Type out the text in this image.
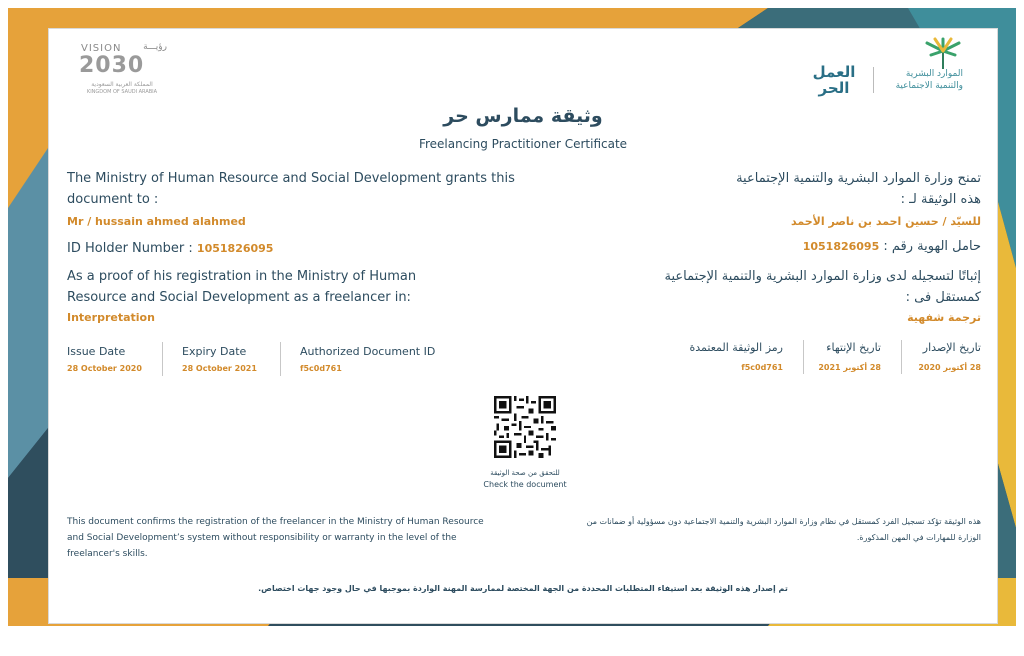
VISION	رؤيـــة
2030
المملكة العربية السعودية
KINGDOM OF SAUDI ARABIA
الموارد البشرية
والتنمية الاجتماعية
العمل
الحر
وثيقة ممارس حر
Freelancing Practitioner Certificate
The Ministry of Human Resource and Social Development grants this
document to :
Mr / hussain ahmed alahmed
ID Holder Number : 1051826095
As a proof of his registration in the Ministry of Human
Resource and Social Development as a freelancer in:
Interpretation
Issue Date
28 October 2020
Expiry Date
28 October 2021
Authorized Document ID
f5c0d761
تمنح وزارة الموارد البشرية والتنمية الإجتماعية
هذه الوثيقة لـ :
للسيّد / حسين احمد بن ناصر الأحمد
حامل الهوية رقم : 1051826095
إثباتًا لتسجيله لدى وزارة الموارد البشرية والتنمية الإجتماعية
كمستقل فى :
ترجمة شفهية
تاريخ الإصدار
28 أكتوبر 2020
تاريخ الإنتهاء
28 أكتوبر 2021
رمز الوثيقة المعتمدة
f5c0d761
للتحقق من صحة الوثيقة
Check the document
This document confirms the registration of the freelancer in the Ministry of Human Resource
and Social Development’s system without responsibility or warranty in the level of the
freelancer's skills.
هذه الوثيقة تؤكد تسجيل الفرد كمستقل في نظام وزارة الموارد البشرية والتنمية الاجتماعية دون مسؤولية أو ضمانات من
الوزارة للمهارات في المهن المذكورة.
تم إصدار هذه الوثيقة بعد استيفاء المتطلبات المحددة من الجهة المختصة لممارسة المهنة الواردة بموجبها في حال وجود جهات اختصاص.
